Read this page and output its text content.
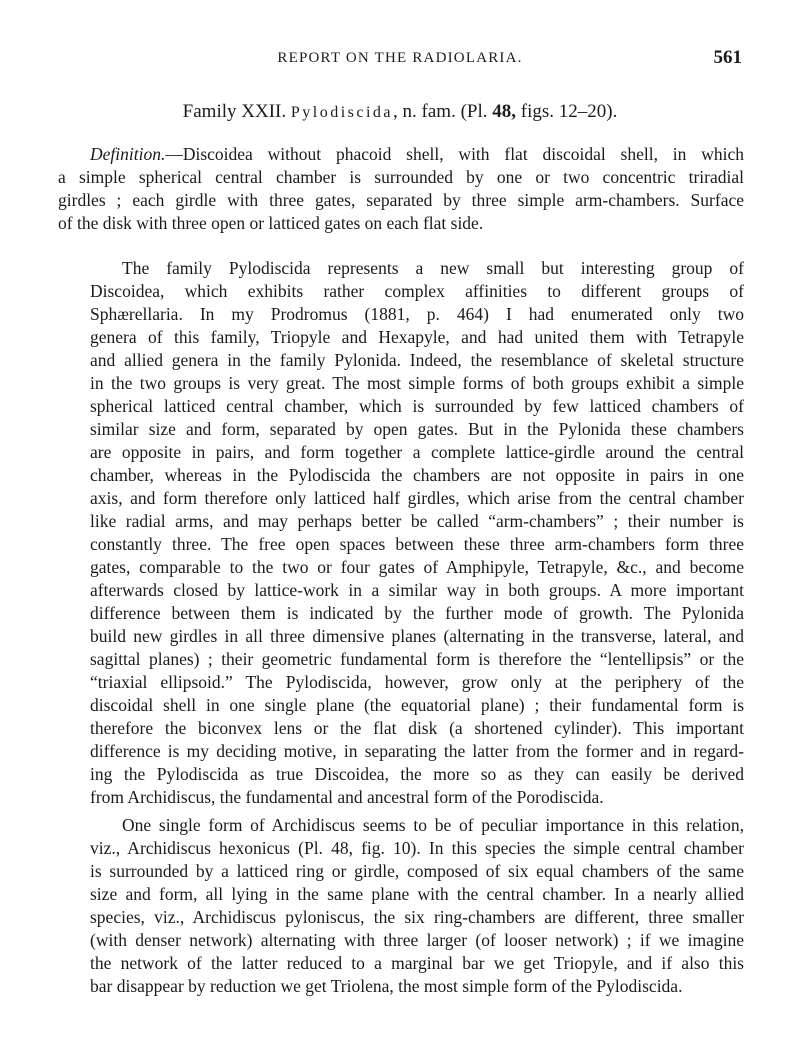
REPORT ON THE RADIOLARIA.	561
Family XXII. Pylodiscida, n. fam. (Pl. 48, figs. 12–20).
Definition.—Discoidea without phacoid shell, with flat discoidal shell, in which
a simple spherical central chamber is surrounded by one or two concentric triradial
girdles ; each girdle with three gates, separated by three simple arm-chambers. Surface
of the disk with three open or latticed gates on each flat side.
The family Pylodiscida represents a new small but interesting group of
Discoidea, which exhibits rather complex affinities to different groups of
Sphærellaria. In my Prodromus (1881, p. 464) I had enumerated only two
genera of this family, Triopyle and Hexapyle, and had united them with Tetrapyle
and allied genera in the family Pylonida. Indeed, the resemblance of skeletal structure
in the two groups is very great. The most simple forms of both groups exhibit a simple
spherical latticed central chamber, which is surrounded by few latticed chambers of
similar size and form, separated by open gates. But in the Pylonida these chambers
are opposite in pairs, and form together a complete lattice-girdle around the central
chamber, whereas in the Pylodiscida the chambers are not opposite in pairs in one
axis, and form therefore only latticed half girdles, which arise from the central chamber
like radial arms, and may perhaps better be called “arm-chambers” ; their number is
constantly three. The free open spaces between these three arm-chambers form three
gates, comparable to the two or four gates of Amphipyle, Tetrapyle, &c., and become
afterwards closed by lattice-work in a similar way in both groups. A more important
difference between them is indicated by the further mode of growth. The Pylonida
build new girdles in all three dimensive planes (alternating in the transverse, lateral, and
sagittal planes) ; their geometric fundamental form is therefore the “lentellipsis” or the
“triaxial ellipsoid.” The Pylodiscida, however, grow only at the periphery of the
discoidal shell in one single plane (the equatorial plane) ; their fundamental form is
therefore the biconvex lens or the flat disk (a shortened cylinder). This important
difference is my deciding motive, in separating the latter from the former and in regard-
ing the Pylodiscida as true Discoidea, the more so as they can easily be derived
from Archidiscus, the fundamental and ancestral form of the Porodiscida.
One single form of Archidiscus seems to be of peculiar importance in this relation,
viz., Archidiscus hexonicus (Pl. 48, fig. 10). In this species the simple central chamber
is surrounded by a latticed ring or girdle, composed of six equal chambers of the same
size and form, all lying in the same plane with the central chamber. In a nearly allied
species, viz., Archidiscus pyloniscus, the six ring-chambers are different, three smaller
(with denser network) alternating with three larger (of looser network) ; if we imagine
the network of the latter reduced to a marginal bar we get Triopyle, and if also this
bar disappear by reduction we get Triolena, the most simple form of the Pylodiscida.
